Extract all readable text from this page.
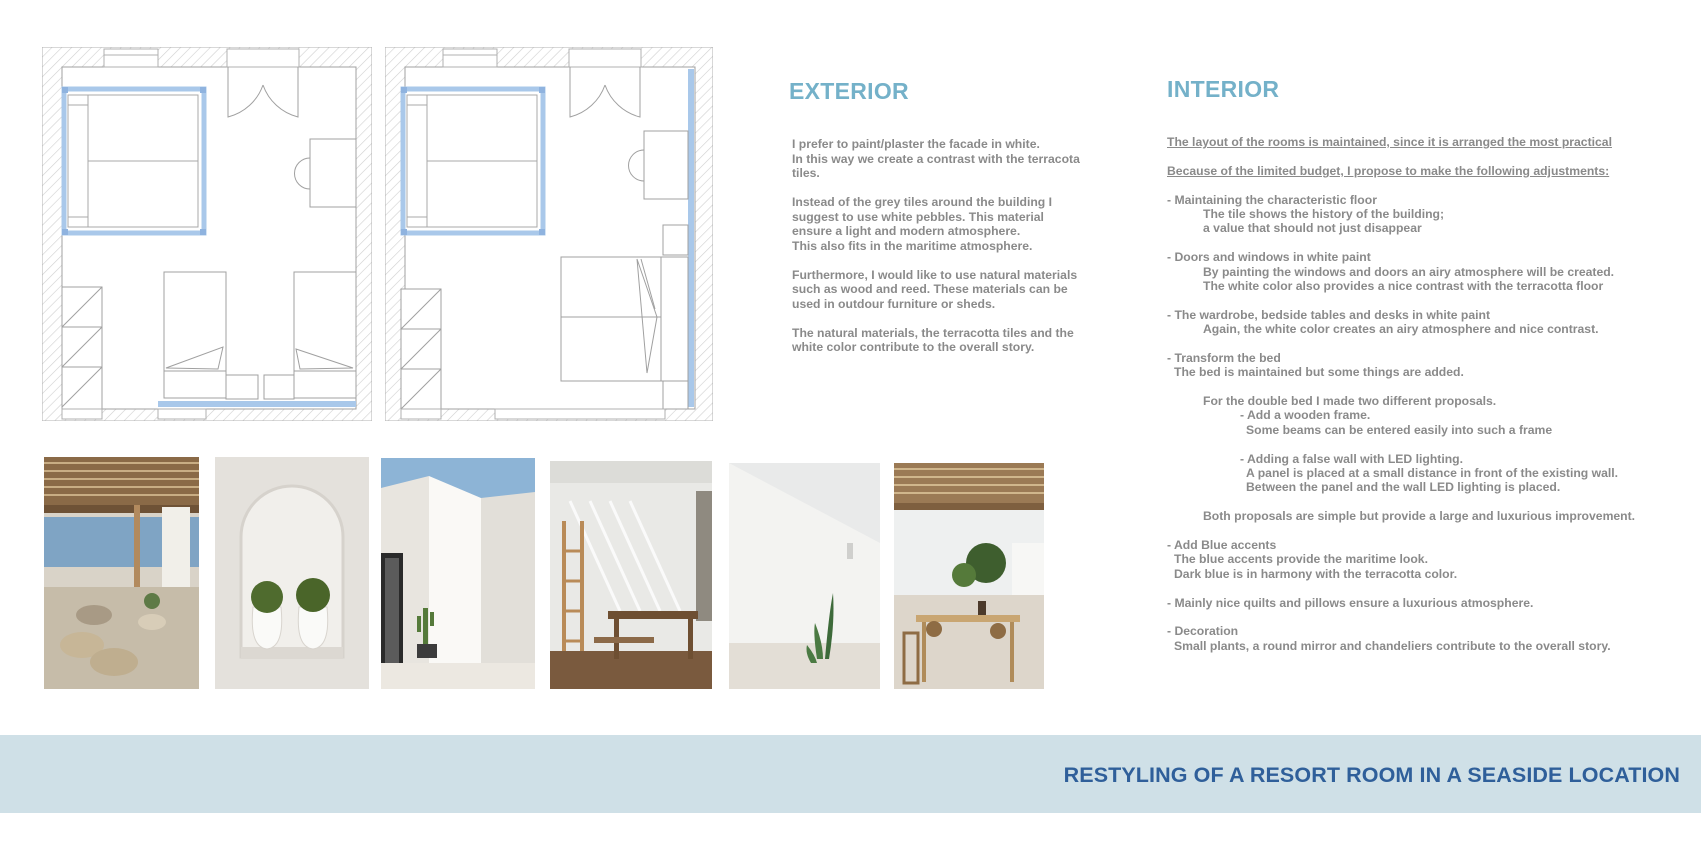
EXTERIOR

I prefer to paint/plaster the facade in white.
In this way we create a contrast with the terracota
tiles.

Instead of the grey tiles around the building I
suggest to use white pebbles. This material
ensure a light and modern atmosphere.
This also fits in the maritime atmosphere.

Furthermore, I would like to use natural materials
such as wood and reed. These materials can be
used in outdour furniture or sheds.

The natural materials, the terracotta tiles and the
white color contribute to the overall story.

INTERIOR
The layout of the rooms is maintained, since it is arranged the most practical
Because of the limited budget, I propose to make the following adjustments:
- Maintaining the characteristic floor
The tile shows the history of the building;
a value that should not just disappear
- Doors and windows in white paint
By painting the windows and doors an airy atmosphere will be created.
The white color also provides a nice contrast with the terracotta floor
- The wardrobe, bedside tables and desks in white paint
Again, the white color creates an airy atmosphere and nice contrast.
- Transform the bed
The bed is maintained but some things are added.
For the double bed I made two different proposals.
- Add a wooden frame.
Some beams can be entered easily into such a frame
- Adding a false wall with LED lighting.
A panel is placed at a small distance in front of the existing wall.
Between the panel and the wall LED lighting is placed.
Both proposals are simple but provide a large and luxurious improvement.
- Add Blue accents
The blue accents provide the maritime look.
Dark blue is in harmony with the terracotta color.
- Mainly nice quilts and pillows ensure a luxurious atmosphere.
- Decoration
Small plants, a round mirror and chandeliers contribute to the overall story.
RESTYLING OF A RESORT ROOM IN A SEASIDE LOCATION
